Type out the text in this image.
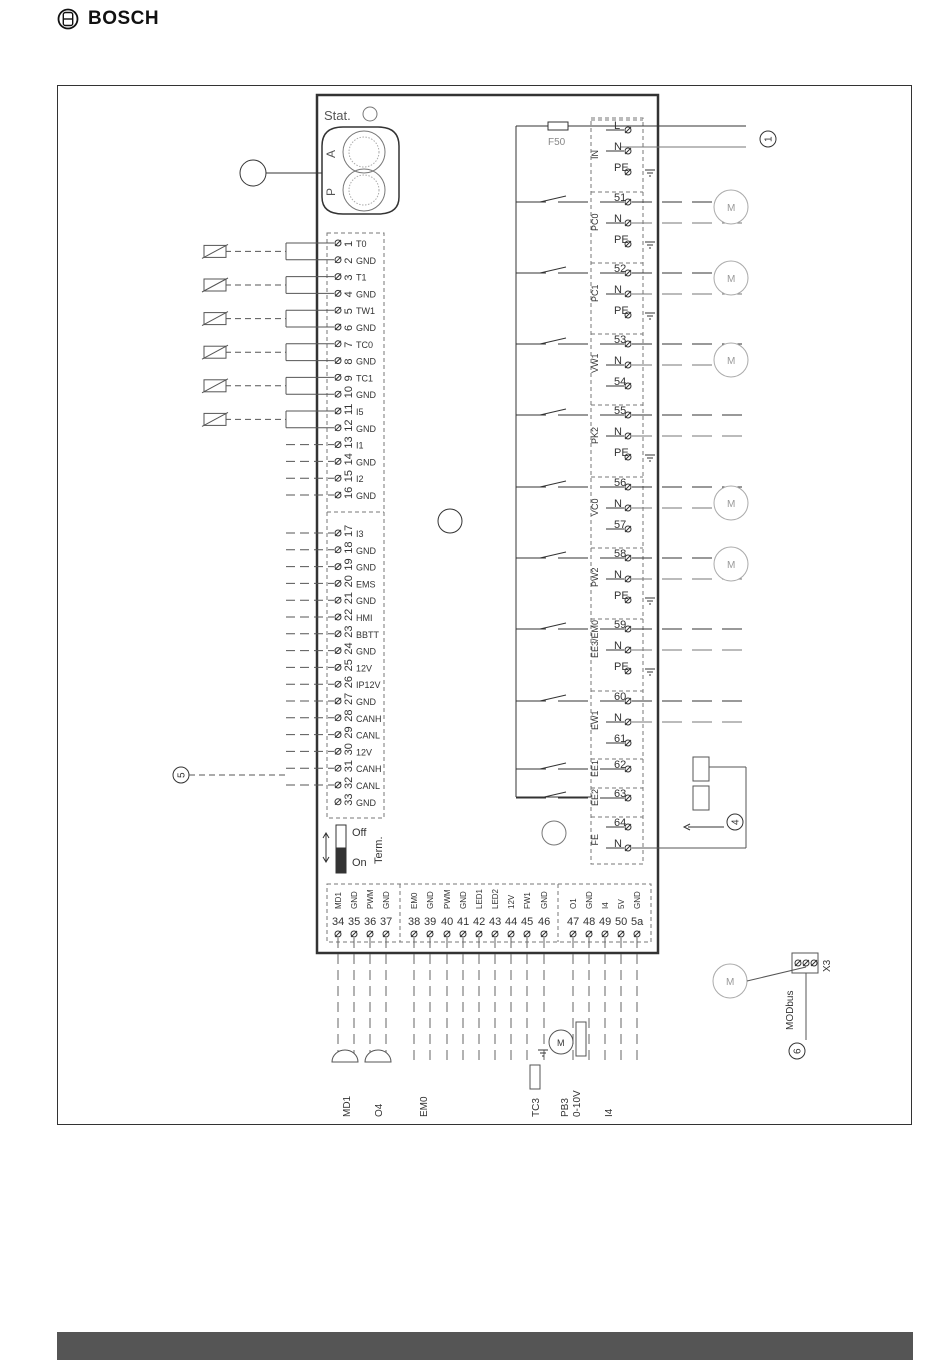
BOSCH
Stat.
A
P
Off
On Term.
F50
MODbus
X3
1 T0
2 GND
3 T1
4 GND
5 TW1
6 GND
7 TC0
8 GND
9 TC1
10 GND
11 I5
12 GND
13 I1
14 GND
15 I2
16 GND
17 I3
18 GND
19 GND
20 EMS
21 GND
22 HMI
23 BBTT
24 GND
25 12V
26 IP12V
27 GND
28 CANH
29 CANL
30 12V
31 CANH
32 CANL
33 GND
34
MD1
35
GND
36
PWM
37
GND
38
EM0
39
GND
40
PWM
41
GND
42
LED1
43
LED2
44
12V
45
FW1
46
GND
47
O1
48
GND
49
I4
50
5V
5a
GND
M
MD1 O4	EM0	TC3 PB3 0-10V I4
L
N
PE
IN
51
N
PE
PC0
52
N
PE
PC1
53
N
54
VW1
55
N
PE
PK2
56
N
57
VC0
58
N
PE
PW2
59
N
PE
EE3/EM0
60
N
61
EW1
62
EE1
63
EE2
64
N
FE
M
M
M
M
M
M
1
4
5
6
